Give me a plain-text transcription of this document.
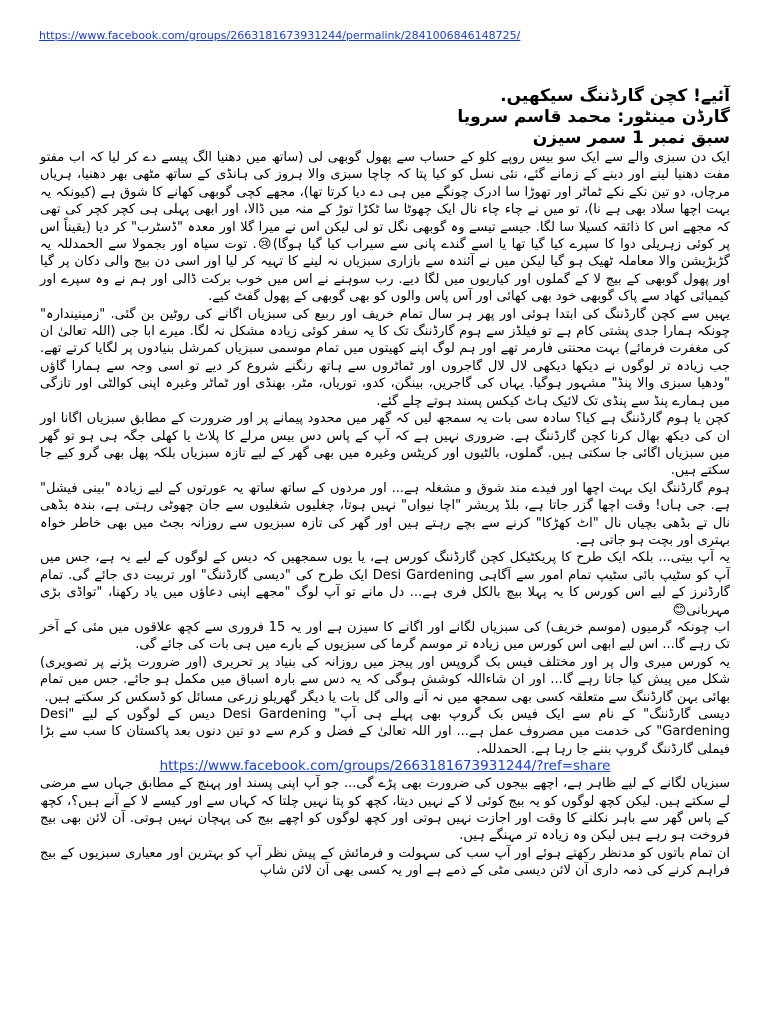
https://www.facebook.com/groups/2663181673931244/permalink/2841006846148725/
آئیے! کچن گارڈننگ سیکھیں.
گارڈن مینٹور: محمد قاسم سرویا
سبق نمبر 1 سمر سیزن

ایک دن سبزی والے سے ایک سو بیس روپے کلو کے حساب سے پھول گوبھی لی (ساتھ میں دھنیا الگ پیسے دے کر لیا کہ اب مفتو مفت دھنیا لینے اور دینے کے زمانے گئے، نئی نسل کو کیا پتا کہ چاچا سبزی والا ہروز کی ہانڈی کے ساتھ مٹھی بھر دھنیا، ہریاں مرچاں، دو تین نکے نکے ٹماٹر اور تھوڑا سا ادرک چونگے میں ہی دے دیا کرتا تھا)، مجھے کچی گوبھی کھانے کا شوق ہے (کیونکہ یہ بہت اچھا سلاد بھی ہے نا)، تو میں نے چاء چاء نال ایک چھوٹا سا ٹکڑا توڑ کے منہ میں ڈالا، اور ابھی پہلی ہی کچر کچر کی تھی کہ مجھے اس کا ذائقہ کسیلا سا لگا. جیسے تیسے وہ گوبھی نگل تو لی لیکن اس نے میرا گلا اور معدہ "ڈسٹرب" کر دیا (یقیناً اس پر کوئی زہریلی دوا کا سپرے کیا گیا تھا یا اسے گندے پانی سے سیراب کیا گیا ہوگا)😢. توت سیاہ اور بجمولا سے الحمدللہ یہ گڑبڑیشن والا معاملہ ٹھیک ہو گیا لیکن میں نے آئندہ سے بازاری سبزیاں نہ لینے کا تہیہ کر لیا اور اسی دن بیج والی دکان پر گیا اور پھول گوبھی کے بیج لا کے گملوں اور کیاریوں میں لگا دیے. رب سوہنے نے اس میں خوب برکت ڈالی اور ہم نے وہ سپرے اور کیمیائی کھاد سے پاک گوبھی خود بھی کھائی اور آس پاس والوں کو بھی گوبھی کے پھول گفٹ کیے.

یہیں سے کچن گارڈننگ کی ابتدا ہوئی اور پھر ہر سال تمام خریف اور ربیع کی سبزیاں اگانے کی روٹین بن گئی. "زمینیندارہ" چونکہ ہمارا جدی پشتی کام ہے تو فیلڈز سے ہوم گارڈننگ تک کا یہ سفر کوئی زیادہ مشکل نہ لگا. میرے ابا جی (اللہ تعالیٰ ان کی مغفرت فرمائے) بہت محنتی فارمر تھے اور ہم لوگ اپنے کھیتوں میں تمام موسمی سبزیاں کمرشل بنیادوں پر لگایا کرتے تھے. جب زیادہ تر لوگوں نے دیکھا دیکھی لال لال گاجروں اور ٹماٹروں سے ہاتھ رنگنے شروع کر دیے تو اسی وجہ سے ہمارا گاؤں "ودھیا سبزی والا پنڈ" مشہور ہوگیا. یہاں کی گاجریں، بینگن، کدو، توریاں، مٹر، بھنڈی اور ٹماٹر وغیرہ اپنی کوالٹی اور تازگی میں ہمارے پنڈ سے پنڈی تک لائیک ہاٹ کیکس پسند ہوتے چلے گئے.

کچن یا ہوم گارڈننگ ہے کیا؟ سادہ سی بات یہ سمجھ لیں کہ گھر میں محدود پیمانے پر اور ضرورت کے مطابق سبزیاں اگانا اور ان کی دیکھ بھال کرنا کچن گارڈننگ ہے. ضروری نہیں ہے کہ آپ کے پاس دس بیس مرلے کا پلاٹ یا کھلی جگہ ہی ہو تو گھر میں سبزیاں اگائی جا سکتی ہیں. گملوں، بالٹیوں اور کریٹس وغیرہ میں بھی گھر کے لیے تازہ سبزیاں بلکہ پھل بھی گرو کیے جا سکتے ہیں.

ہوم گارڈننگ ایک بہت اچھا اور فیدے مند شوق و مشغلہ ہے... اور مردوں کے ساتھ ساتھ یہ عورتوں کے لیے زیادہ "بینی فیشل" ہے. جی ہاں! وقت اچھا گزر جاتا ہے، بلڈ پریشر "اچا نیواں" نہیں ہوتا، چغلیوں شغلیوں سے جان چھوٹی رہتی ہے، بندہ بڈھی نال تے بڈھی بچیاں نال "اٹ کھڑکا" کرنے سے بچے رہتے ہیں اور گھر کی تازہ سبزیوں سے روزانہ بجٹ میں بھی خاطر خواہ بہتری اور بچت ہو جاتی ہے.

یہ آپ بیتی... بلکہ ایک طرح کا پریکٹیکل کچن گارڈننگ کورس ہے، یا یوں سمجھیں کہ دیس کے لوگوں کے لیے یہ ہے، جس میں آپ کو سٹیپ بائی سٹیپ تمام امور سے آگاہی Desi Gardening ایک طرح کی "دیسی گارڈننگ" اور تربیت دی جائے گی. تمام گارڈنرز کے لیے اس کورس کا یہ پہلا بیچ بالکل فری ہے... دل مانے تو آپ لوگ "مجھے اپنی دعاؤں میں یاد رکھنا، "تواڈی بڑی مہربانی😊

اب چونکہ گرمیوں (موسم خریف) کی سبزیاں لگانے اور اگانے کا سیزن ہے اور یہ 15 فروری سے کچھ علاقوں میں مئی کے آخر تک رہے گا... اس لیے ابھی اس کورس میں زیادہ تر موسم گرما کی سبزیوں کے بارے میں ہی بات کی جائے گی.

یہ کورس میری وال پر اور مختلف فیس بک گروپس اور پیجز میں روزانہ کی بنیاد پر تحریری (اور ضرورت پڑنے پر تصویری) شکل میں پیش کیا جاتا رہے گا... اور ان شاءاللہ کوشش ہوگی کہ یہ دس سے بارہ اسباق میں مکمل ہو جائے. جس میں تمام بھائی بہن گارڈننگ سے متعلقہ کسی بھی سمجھ میں نہ آنے والی گل بات یا دیگر گھریلو زرعی مسائل کو ڈسکس کر سکتے ہیں.

دیسی گارڈننگ" کے نام سے ایک فیس بک گروپ بھی پہلے ہی آپ" Desi Gardening دیس کے لوگوں کے لیے "Desi Gardening" کی خدمت میں مصروف عمل ہے... اور اللہ تعالیٰ کے فضل و کرم سے دو تین دنوں بعد پاکستان کا سب سے بڑا فیملی گارڈننگ گروپ بننے جا رہا ہے. الحمدللہ.

https://www.facebook.com/groups/2663181673931244/?ref=share

سبزیاں لگانے کے لیے ظاہر ہے، اچھے بیجوں کی ضرورت بھی پڑے گی... جو آپ اپنی پسند اور پہنچ کے مطابق جہاں سے مرضی لے سکتے ہیں. لیکن کچھ لوگوں کو یہ بیج کوئی لا کے نہیں دیتا، کچھ کو پتا نہیں چلتا کہ کہاں سے اور کیسے لا کے آنے ہیں؟، کچھ کے پاس گھر سے باہر نکلنے کا وقت اور اجازت نہیں ہوتی اور کچھ لوگوں کو اچھے بیج کی پہچان نہیں ہوتی. آن لائن بھی بیج فروخت ہو رہے ہیں لیکن وہ زیادہ تر مہنگے ہیں.

ان تمام باتوں کو مدنظر رکھتے ہوئے اور آپ سب کی سہولت و فرمائش کے پیش نظر آپ کو بہترین اور معیاری سبزیوں کے بیج فراہم کرنے کی ذمہ داری آن لائن دیسی مٹی کے ذمے ہے اور یہ کسی بھی آن لائن شاپ
